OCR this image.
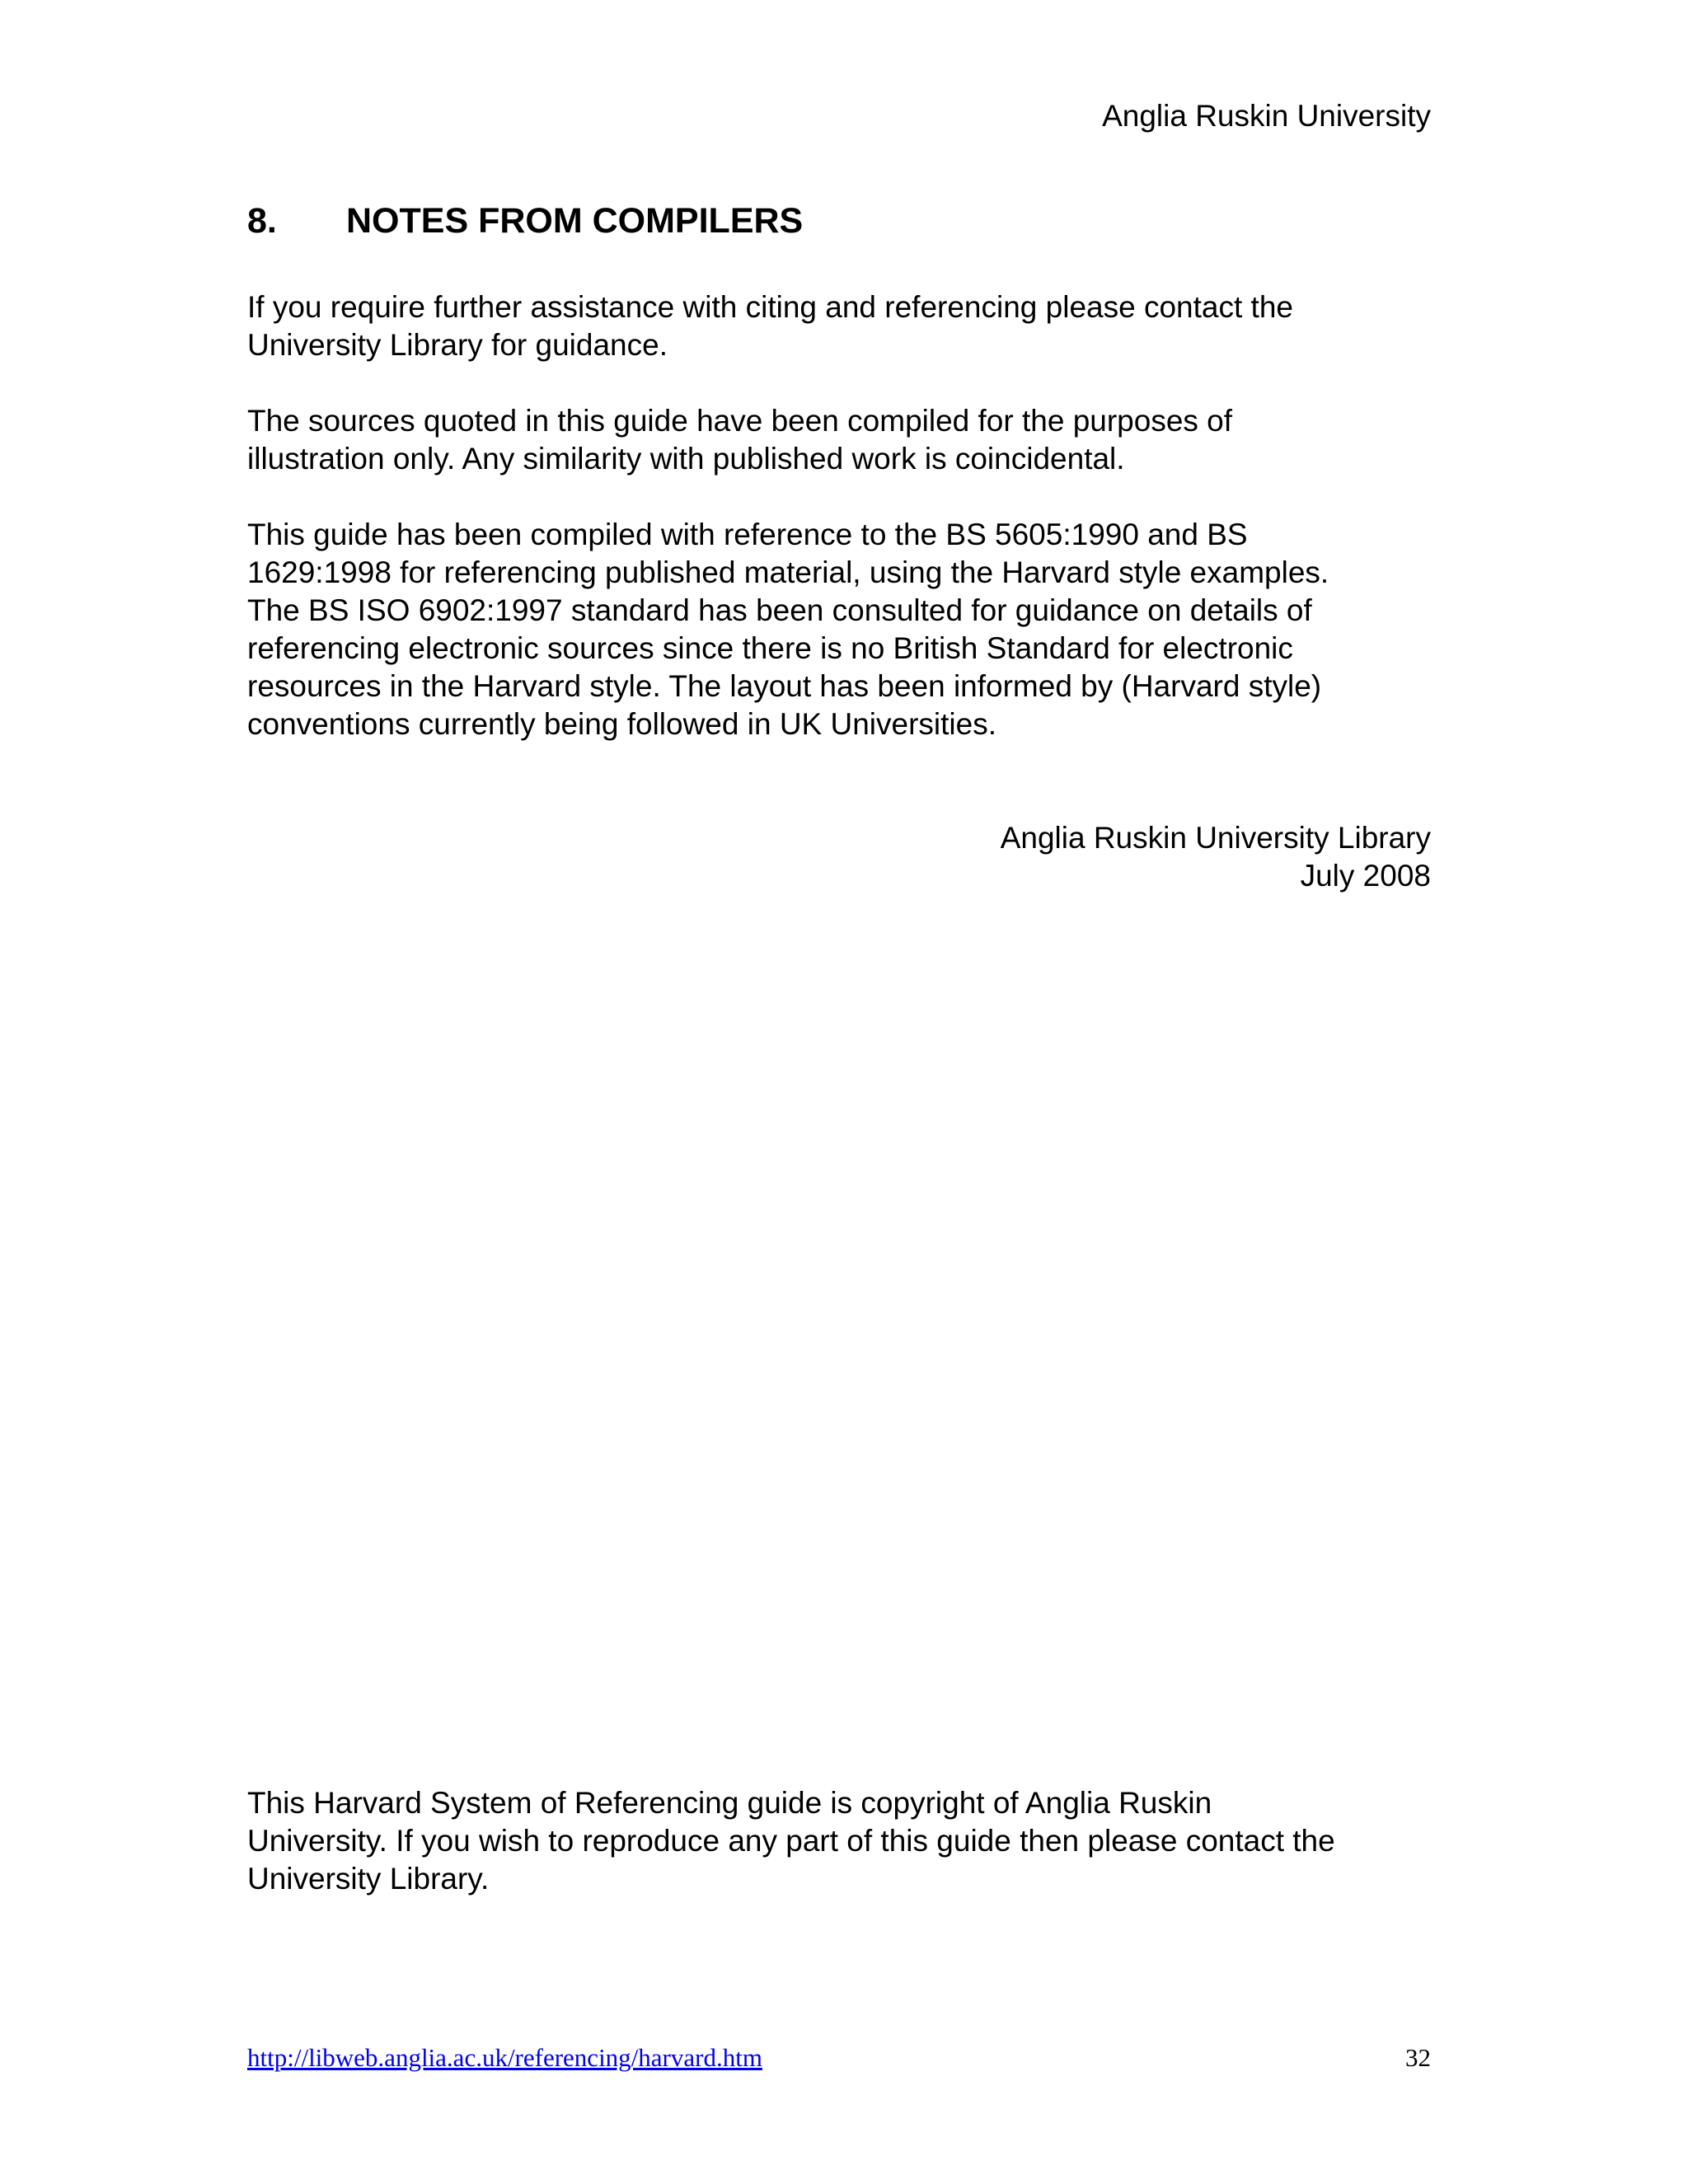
Anglia Ruskin University
8. NOTES FROM COMPILERS

If you require further assistance with citing and referencing please contact the
University Library for guidance.

The sources quoted in this guide have been compiled for the purposes of
illustration only. Any similarity with published work is coincidental.

This guide has been compiled with reference to the BS 5605:1990 and BS
1629:1998 for referencing published material, using the Harvard style examples.
The BS ISO 6902:1997 standard has been consulted for guidance on details of
referencing electronic sources since there is no British Standard for electronic
resources in the Harvard style. The layout has been informed by (Harvard style)
conventions currently being followed in UK Universities.

Anglia Ruskin University Library
July 2008

This Harvard System of Referencing guide is copyright of Anglia Ruskin
University. If you wish to reproduce any part of this guide then please contact the
University Library.

http://libweb.anglia.ac.uk/referencing/harvard.htm	32
